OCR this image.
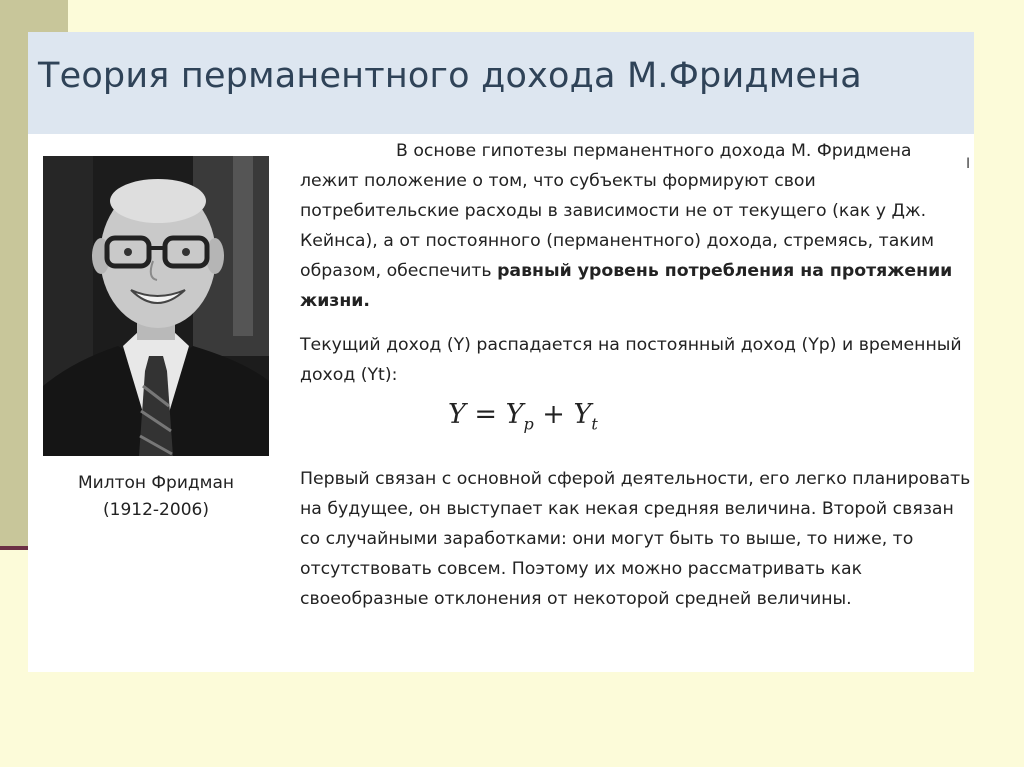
Теория перманентного дохода М.Фридмена
Милтон Фридман
(1912-2006)

В основе гипотезы перманентного дохода М. Фридмена лежит положение о том, что субъекты формируют свои потребительские расходы в зависимости не от текущего (как у Дж. Кейнса), а от постоянного (перманентного) дохода, стремясь, таким образом, обеспечить равный уровень потребления на протяжении жизни.

Текущий доход (Y) распадается на постоянный доход (Yp) и временный доход (Yt):

$Y = Y_p + Y_t$

Первый связан с основной сферой деятельности, его легко планировать на будущее, он выступает как некая средняя величина. Второй связан со случайными заработками: они могут быть то выше, то ниже, то отсутствовать совсем. Поэтому их можно рассматривать как своеобразные отклонения от некоторой средней величины.

I
